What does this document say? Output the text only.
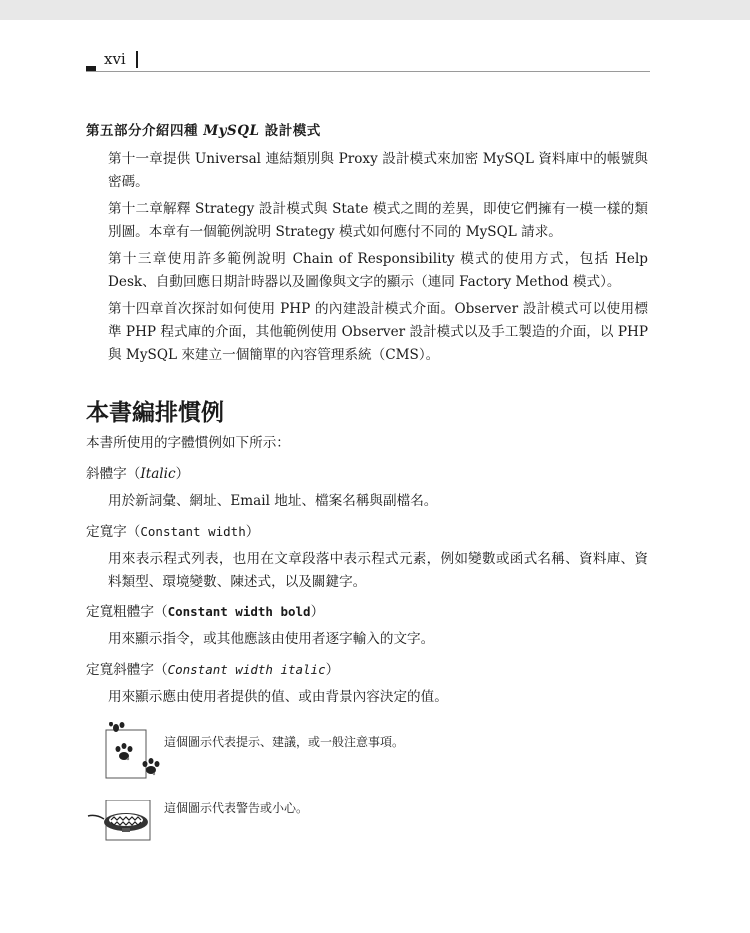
xvi
第五部分介紹四種 MySQL 設計模式

第十一章提供 Universal 連結類別與 Proxy 設計模式來加密 MySQL 資料庫中的帳號與密碼。

第十二章解釋 Strategy 設計模式與 State 模式之間的差異，即使它們擁有一模一樣的類別圖。本章有一個範例說明 Strategy 模式如何應付不同的 MySQL 請求。

第十三章使用許多範例說明 Chain of Responsibility 模式的使用方式，包括 Help Desk、自動回應日期計時器以及圖像與文字的顯示（連同 Factory Method 模式）。

第十四章首次探討如何使用 PHP 的內建設計模式介面。Observer 設計模式可以使用標準 PHP 程式庫的介面，其他範例使用 Observer 設計模式以及手工製造的介面，以 PHP 與 MySQL 來建立一個簡單的內容管理系統（CMS）。

本書編排慣例
本書所使用的字體慣例如下所示：
斜體字（Italic）
用於新詞彙、網址、Email 地址、檔案名稱與副檔名。
定寬字（Constant width）
用來表示程式列表，也用在文章段落中表示程式元素，例如變數或函式名稱、資料庫、資料類型、環境變數、陳述式，以及關鍵字。
定寬粗體字（Constant width bold）
用來顯示指令，或其他應該由使用者逐字輸入的文字。
定寬斜體字（Constant width italic）
用來顯示應由使用者提供的值、或由背景內容決定的值。
這個圖示代表提示、建議，或一般注意事項。
這個圖示代表警告或小心。
